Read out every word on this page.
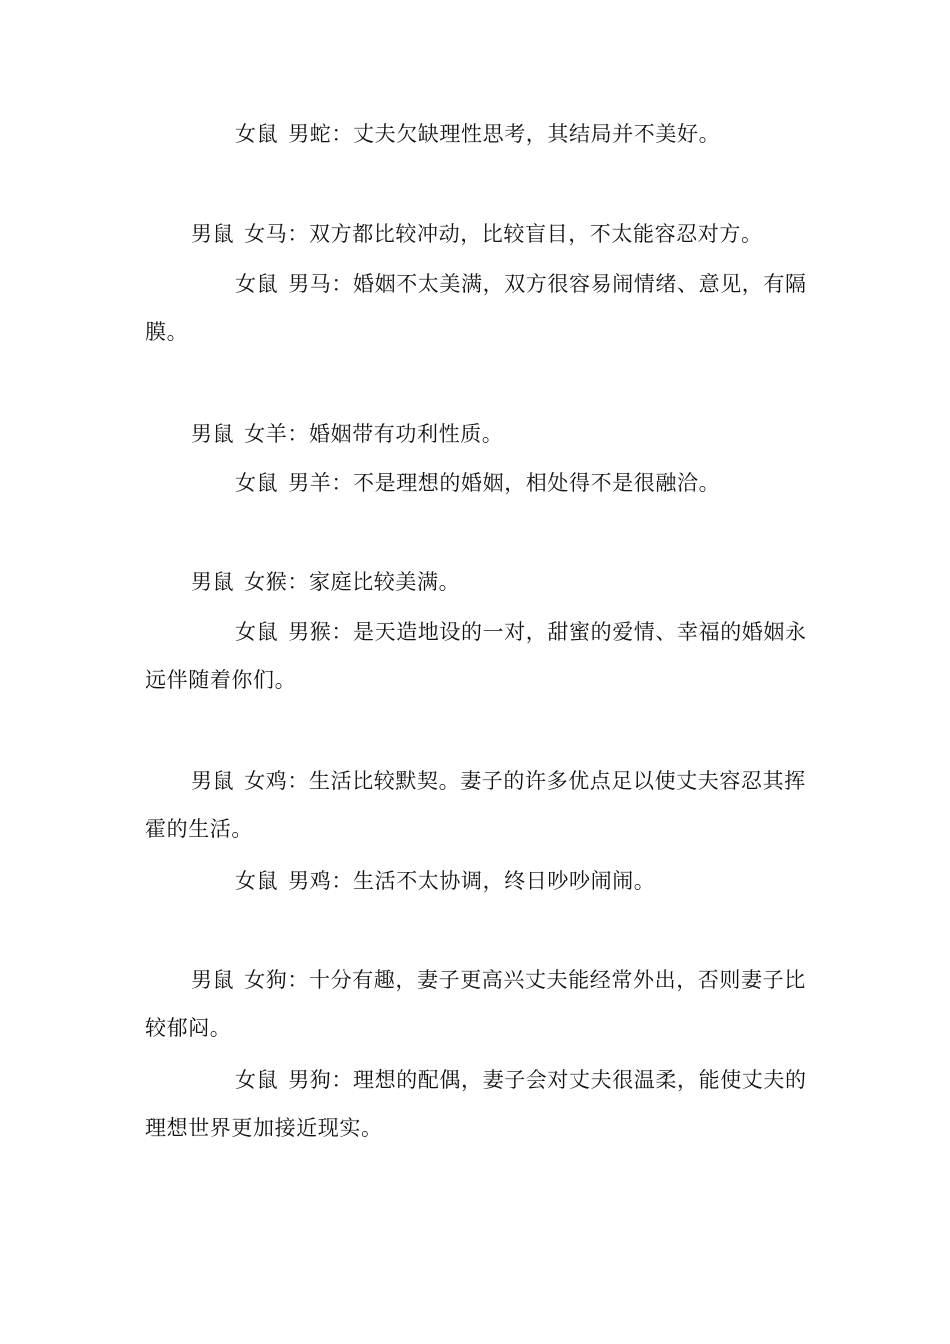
女鼠 男蛇：丈夫欠缺理性思考，其结局并不美好。

男鼠 女马：双方都比较冲动，比较盲目，不太能容忍对方。

女鼠 男马：婚姻不太美满，双方很容易闹情绪、意见，有隔膜。

男鼠 女羊：婚姻带有功利性质。

女鼠 男羊：不是理想的婚姻，相处得不是很融洽。

男鼠 女猴：家庭比较美满。

女鼠 男猴：是天造地设的一对，甜蜜的爱情、幸福的婚姻永远伴随着你们。

男鼠 女鸡：生活比较默契。妻子的许多优点足以使丈夫容忍其挥霍的生活。

女鼠 男鸡：生活不太协调，终日吵吵闹闹。

男鼠 女狗：十分有趣，妻子更高兴丈夫能经常外出，否则妻子比较郁闷。

女鼠 男狗：理想的配偶，妻子会对丈夫很温柔，能使丈夫的理想世界更加接近现实。
